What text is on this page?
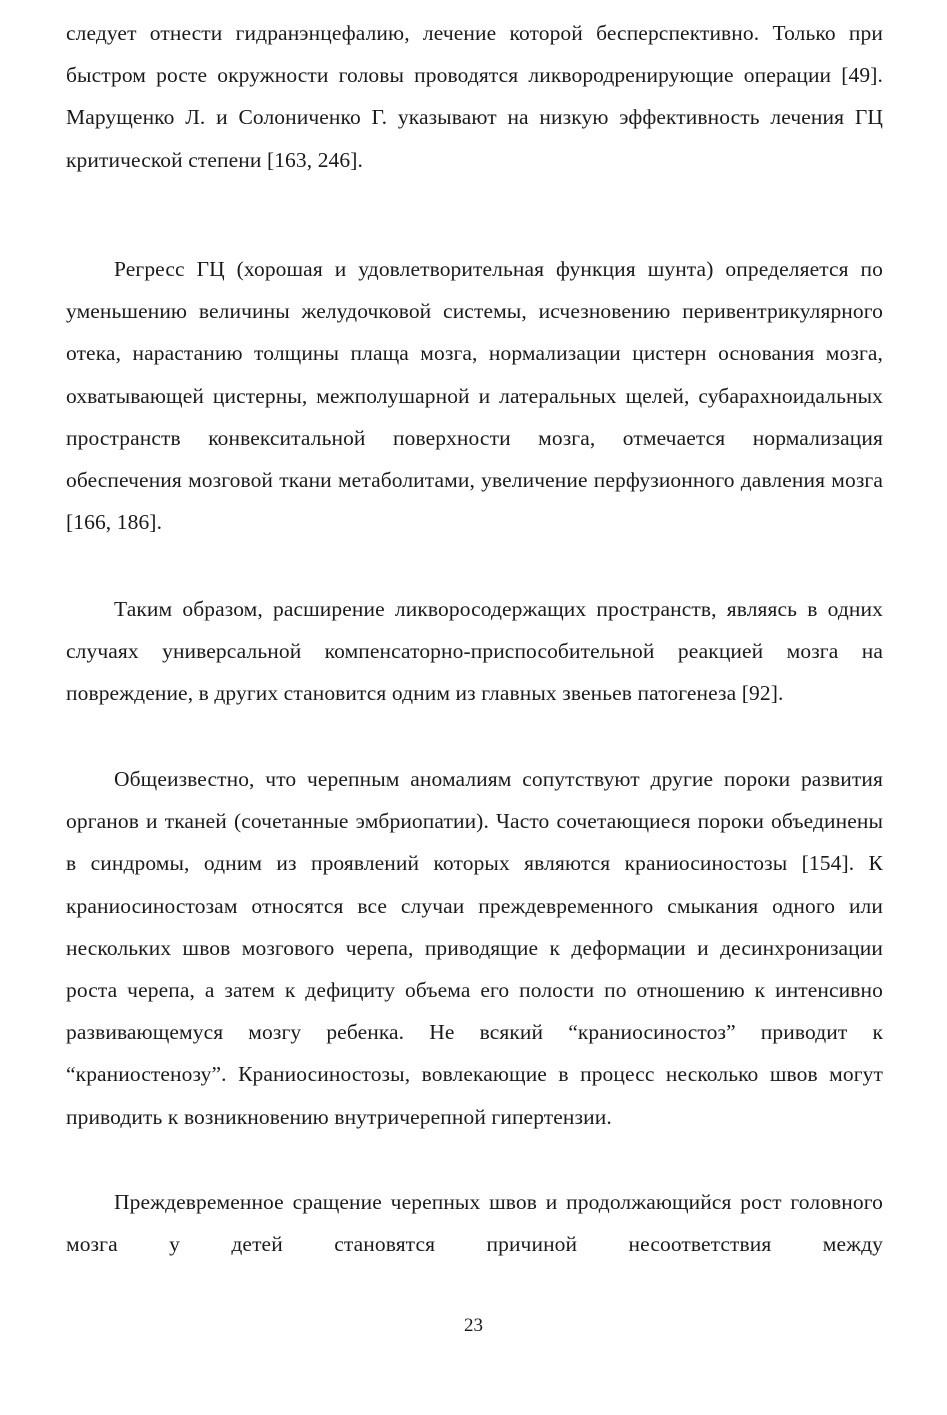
следует отнести гидранэнцефалию, лечение которой бесперспективно. Только при быстром росте окружности головы проводятся ликвородренирующие операции [49]. Марущенко Л. и Солониченко Г. указывают на низкую эффективность лечения ГЦ критической степени [163, 246].

Регресс ГЦ (хорошая и удовлетворительная функция шунта) определяется по уменьшению величины желудочковой системы, исчезновению перивентрикулярного отека, нарастанию толщины плаща мозга, нормализации цистерн основания мозга, охватывающей цистерны, межполушарной и латеральных щелей, субарахноидальных пространств конвекситальной поверхности мозга, отмечается нормализация обеспечения мозговой ткани метаболитами, увеличение перфузионного давления мозга [166, 186].

Таким образом, расширение ликворосодержащих пространств, являясь в одних случаях универсальной компенсаторно-приспособительной реакцией мозга на повреждение, в других становится одним из главных звеньев патогенеза [92].

Общеизвестно, что черепным аномалиям сопутствуют другие пороки развития органов и тканей (сочетанные эмбриопатии). Часто сочетающиеся пороки объединены в синдромы, одним из проявлений которых являются краниосиностозы [154]. К краниосиностозам относятся все случаи преждевременного смыкания одного или нескольких швов мозгового черепа, приводящие к деформации и десинхронизации роста черепа, а затем к дефициту объема его полости по отношению к интенсивно развивающемуся мозгу ребенка. Не всякий “краниосиностоз” приводит к “краниостенозу”. Краниосиностозы, вовлекающие в процесс несколько швов могут приводить к возникновению внутричерепной гипертензии.

Преждевременное сращение черепных швов и продолжающийся рост головного мозга у детей становятся причиной несоответствия между

23
